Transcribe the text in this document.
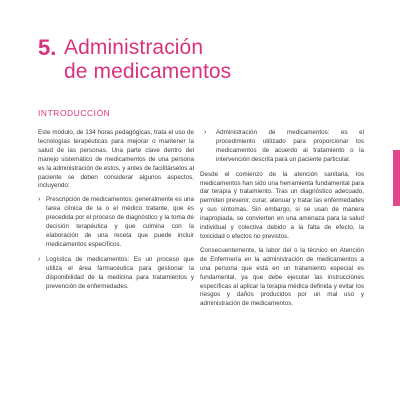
5. Administración
de medicamentos
INTRODUCCIÓN

Este módulo, de 134 horas pedagógicas, trata el uso de tecnologías terapéuticas para mejorar o mantener la salud de las personas. Una parte clave dentro del manejo sistemático de medicamentos de una persona es la administración de estos, y antes de facilitárselos al paciente se deben considerar algunos aspectos, incluyendo:

› Prescripción de medicamentos: generalmente es una tarea clínica de la o el médico tratante, que es precedida por el proceso de diagnóstico y la toma de decisión terapéutica y que culmina con la elaboración de una receta que puede incluir medicamentos específicos.
› Logística de medicamentos: Es un proceso que utiliza el área farmacéutica para gestionar la disponibilidad de la medicina para tratamientos y prevención de enfermedades.
› Administración de medicamentos: es el procedimiento utilizado para proporcionar los medicamentos de acuerdo al tratamiento o la intervención descrita para un paciente particular.

Desde el comienzo de la atención sanitaria, los medicamentos han sido una herramienta fundamental para dar terapia y tratamiento. Tras un diagnóstico adecuado, permiten prevenir, curar, atenuar y tratar las enfermedades y sus síntomas. Sin embargo, si se usan de manera inapropiada, se convierten en una amenaza para la salud individual y colectiva debido a la falta de efecto, la toxicidad o efectos no previstos.

Consecuentemente, la labor del o la técnico en Atención de Enfermería en la administración de medicamentos a una persona que está en un tratamiento especial es fundamental, ya que debe ejecutar las instrucciones específicas al aplicar la terapia médica definida y evitar los riesgos y daños producidos por un mal uso y administración de medicamentos.
